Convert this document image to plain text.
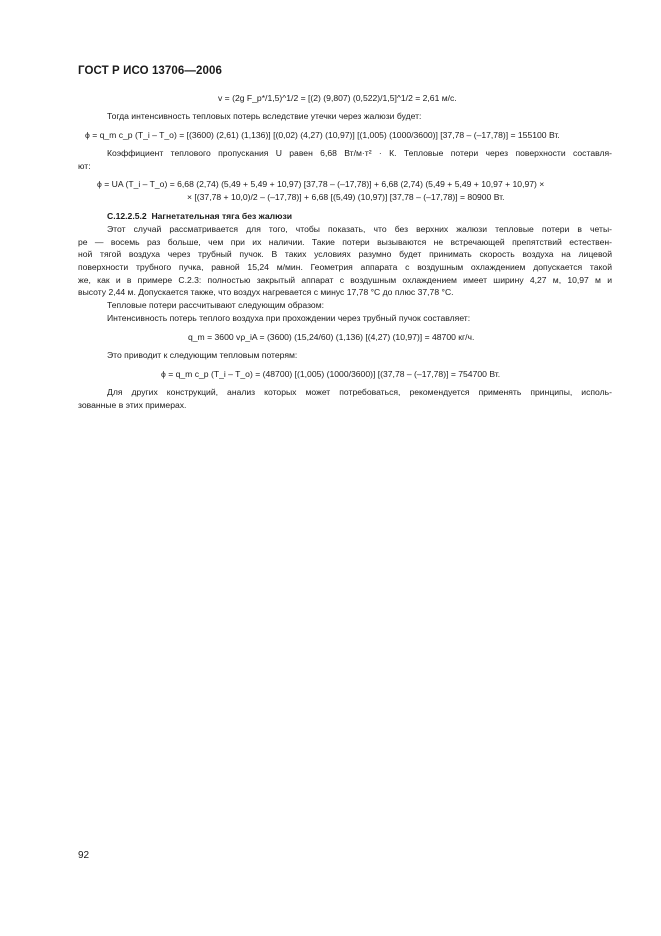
ГОСТ Р ИСО 13706—2006
v = (2g F_p*/1,5)^1/2 = [(2) (9,807) (0,522)/1,5]^1/2 = 2,61 м/с.
Тогда интенсивность тепловых потерь вследствие утечки через жалюзи будет:
ϕ = q_m c_p (T_i – T_o) = [(3600) (2,61) (1,136)] [(0,02) (4,27) (10,97)] [(1,005) (1000/3600)] [37,78 – (–17,78)] = 155100 Вт.
Коэффициент теплового пропускания U равен 6,68 Вт/м·т² · К. Тепловые потери через поверхности составля-
ют:
ϕ = UA (T_i – T_o) = 6,68 (2,74) (5,49 + 5,49 + 10,97) [37,78 – (–17,78)] + 6,68 (2,74) (5,49 + 5,49 + 10,97 + 10,97) ×
× [(37,78 + 10,0)/2 – (–17,78)] + 6,68 [(5,49) (10,97)] [37,78 – (–17,78)] = 80900 Вт.
C.12.2.5.2 Нагнетательная тяга без жалюзи
Этот случай рассматривается для того, чтобы показать, что без верхних жалюзи тепловые потери в четы-
ре — восемь раз больше, чем при их наличии. Такие потери вызываются не встречающей препятствий естествен-
ной тягой воздуха через трубный пучок. В таких условиях разумно будет принимать скорость воздуха на лицевой
поверхности трубного пучка, равной 15,24 м/мин. Геометрия аппарата с воздушным охлаждением допускается такой
же, как и в примере C.2.3: полностью закрытый аппарат с воздушным охлаждением имеет ширину 4,27 м, 10,97 м и
высоту 2,44 м. Допускается также, что воздух нагревается с минус 17,78 °C до плюс 37,78 °C.
Тепловые потери рассчитывают следующим образом:
Интенсивность потерь теплого воздуха при прохождении через трубный пучок составляет:
q_m = 3600 vρ_iA = (3600) (15,24/60) (1,136) [(4,27) (10,97)] = 48700 кг/ч.
Это приводит к следующим тепловым потерям:
ϕ = q_m c_p (T_i – T_o) = (48700) [(1,005) (1000/3600)] [(37,78 – (–17,78)] = 754700 Вт.
Для других конструкций, анализ которых может потребоваться, рекомендуется применять принципы, исполь-
зованные в этих примерах.
92
